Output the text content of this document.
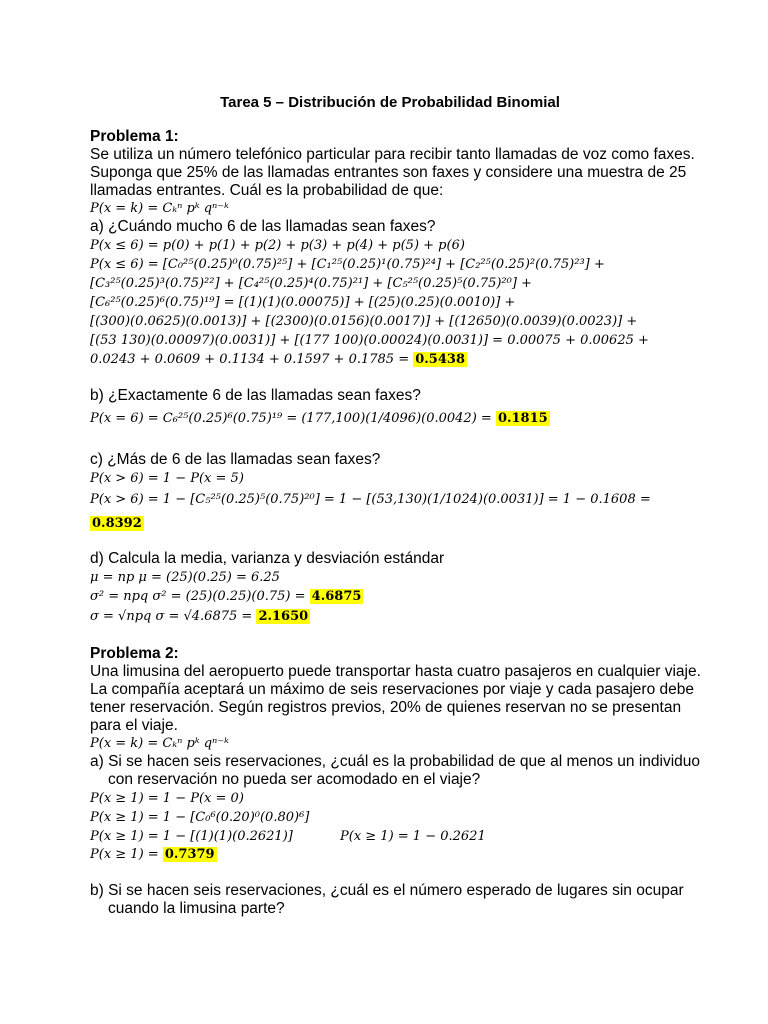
Tarea 5 – Distribución de Probabilidad Binomial
Problema 1:
Se utiliza un número telefónico particular para recibir tanto llamadas de voz como faxes.
Suponga que 25% de las llamadas entrantes son faxes y considere una muestra de 25
llamadas entrantes. Cuál es la probabilidad de que:
P(x = k) = Cₖⁿ pᵏ qⁿ⁻ᵏ
a) ¿Cuándo mucho 6 de las llamadas sean faxes?
P(x ≤ 6) = p(0) + p(1) + p(2) + p(3) + p(4) + p(5) + p(6)
P(x ≤ 6) = [C₀²⁵(0.25)⁰(0.75)²⁵] + [C₁²⁵(0.25)¹(0.75)²⁴] + [C₂²⁵(0.25)²(0.75)²³] +
[C₃²⁵(0.25)³(0.75)²²] + [C₄²⁵(0.25)⁴(0.75)²¹] + [C₅²⁵(0.25)⁵(0.75)²⁰] +
[C₆²⁵(0.25)⁶(0.75)¹⁹] = [(1)(1)(0.00075)] + [(25)(0.25)(0.0010)] +
[(300)(0.0625)(0.0013)] + [(2300)(0.0156)(0.0017)] + [(12650)(0.0039)(0.0023)] +
[(53 130)(0.00097)(0.0031)] + [(177 100)(0.00024)(0.0031)] = 0.00075 + 0.00625 +
0.0243 + 0.0609 + 0.1134 + 0.1597 + 0.1785 = 0.5438
b) ¿Exactamente 6 de las llamadas sean faxes?
P(x = 6) = C₆²⁵(0.25)⁶(0.75)¹⁹ = (177,100)(1/4096)(0.0042) = 0.1815
c) ¿Más de 6 de las llamadas sean faxes?
P(x > 6) = 1 − P(x = 5)
P(x > 6) = 1 − [C₅²⁵(0.25)⁵(0.75)²⁰] = 1 − [(53,130)(1/1024)(0.0031)] = 1 − 0.1608 =
0.8392
d) Calcula la media, varianza y desviación estándar
μ = np μ = (25)(0.25) = 6.25
σ² = npq σ² = (25)(0.25)(0.75) = 4.6875
σ = √npq σ = √4.6875 = 2.1650
Problema 2:
Una limusina del aeropuerto puede transportar hasta cuatro pasajeros en cualquier viaje.
La compañía aceptará un máximo de seis reservaciones por viaje y cada pasajero debe
tener reservación. Según registros previos, 20% de quienes reservan no se presentan
para el viaje.
P(x = k) = Cₖⁿ pᵏ qⁿ⁻ᵏ
a) Si se hacen seis reservaciones, ¿cuál es la probabilidad de que al menos un individuo
con reservación no pueda ser acomodado en el viaje?
P(x ≥ 1) = 1 − P(x = 0)
P(x ≥ 1) = 1 − [C₀⁶(0.20)⁰(0.80)⁶]
P(x ≥ 1) = 1 − [(1)(1)(0.2621)]	P(x ≥ 1) = 1 − 0.2621
P(x ≥ 1) = 0.7379
b) Si se hacen seis reservaciones, ¿cuál es el número esperado de lugares sin ocupar
cuando la limusina parte?
